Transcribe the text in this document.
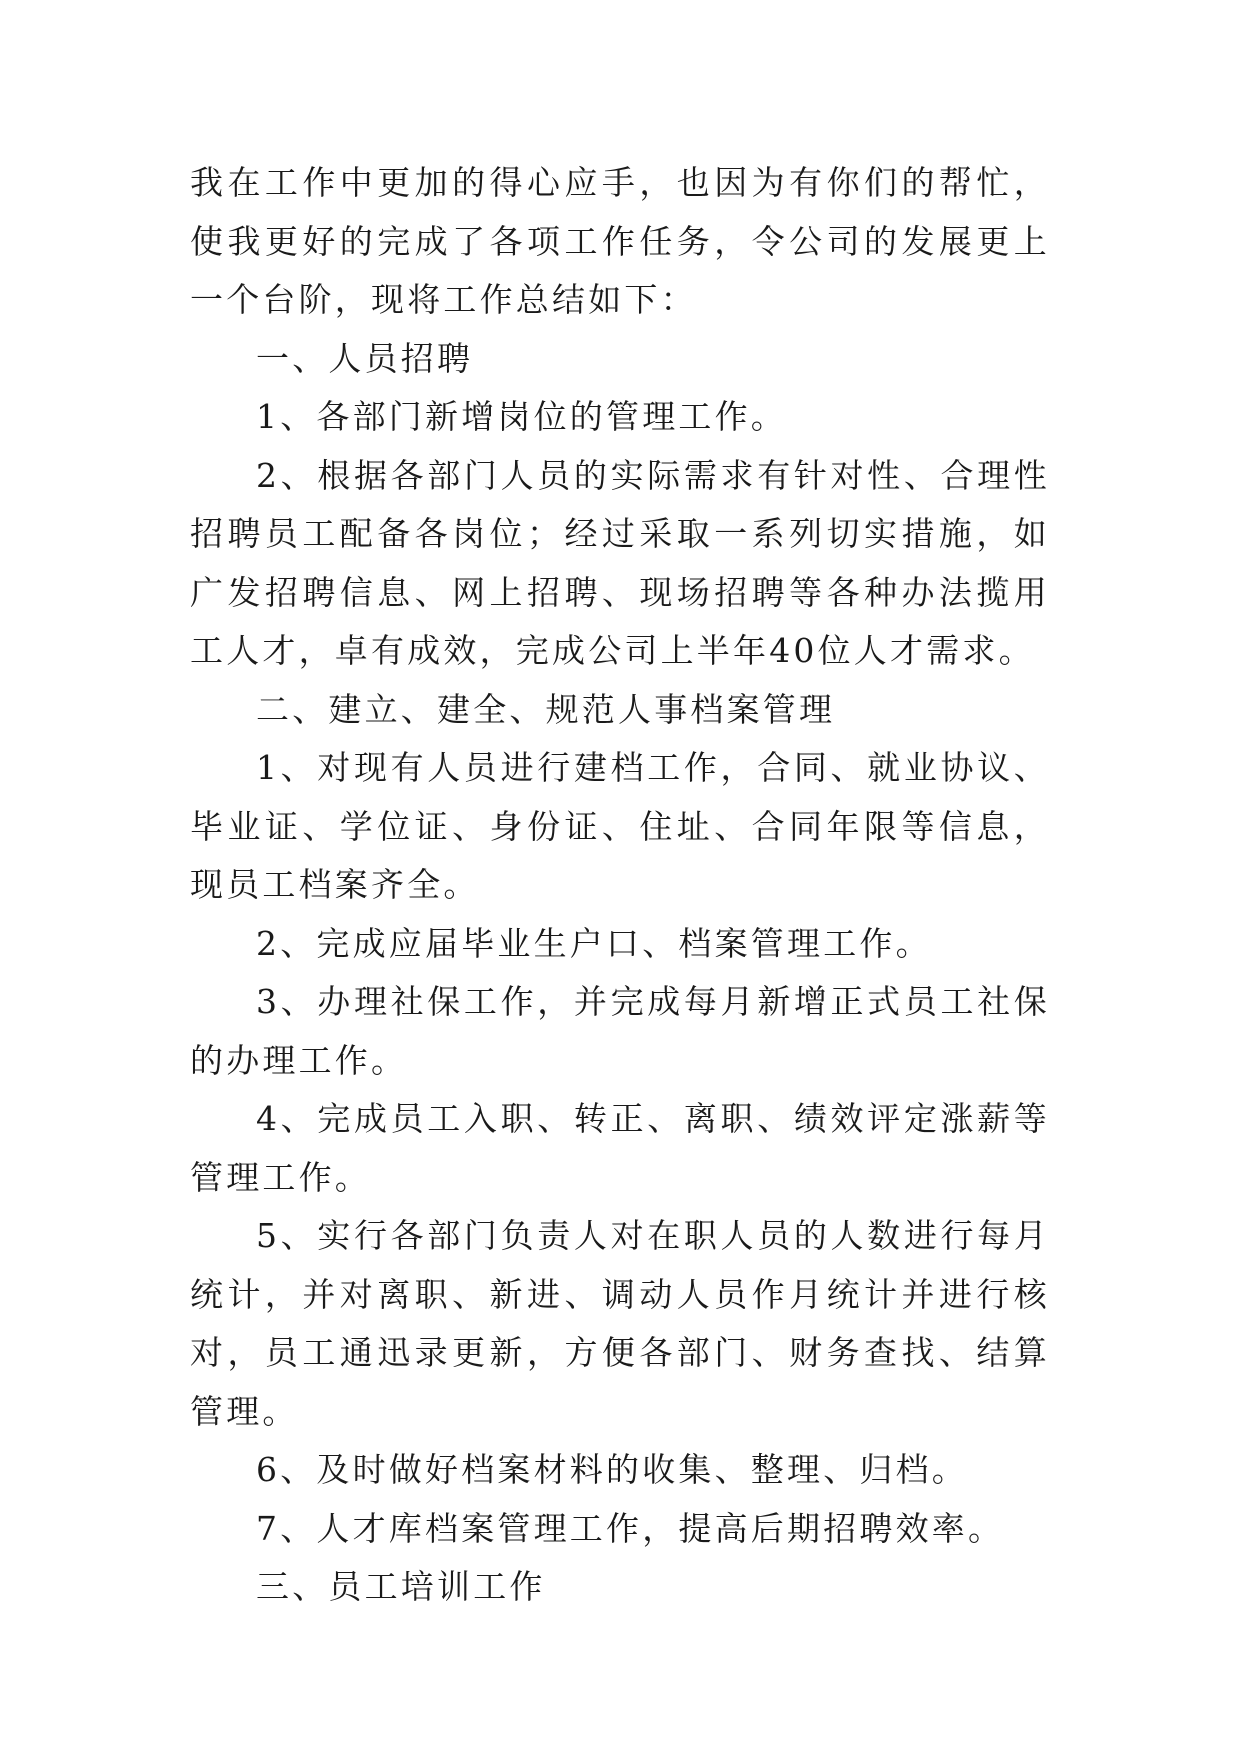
我在工作中更加的得心应手，也因为有你们的帮忙，使我更好的完成了各项工作任务，令公司的发展更上一个台阶，现将工作总结如下：

一、人员招聘

1、各部门新增岗位的管理工作。

2、根据各部门人员的实际需求有针对性、合理性招聘员工配备各岗位；经过采取一系列切实措施，如广发招聘信息、网上招聘、现场招聘等各种办法揽用工人才，卓有成效，完成公司上半年40位人才需求。

二、建立、建全、规范人事档案管理

1、对现有人员进行建档工作，合同、就业协议、毕业证、学位证、身份证、住址、合同年限等信息，现员工档案齐全。

2、完成应届毕业生户口、档案管理工作。

3、办理社保工作，并完成每月新增正式员工社保的办理工作。

4、完成员工入职、转正、离职、绩效评定涨薪等管理工作。

5、实行各部门负责人对在职人员的人数进行每月统计，并对离职、新进、调动人员作月统计并进行核对，员工通迅录更新，方便各部门、财务查找、结算管理。

6、及时做好档案材料的收集、整理、归档。

7、人才库档案管理工作，提高后期招聘效率。

三、员工培训工作
